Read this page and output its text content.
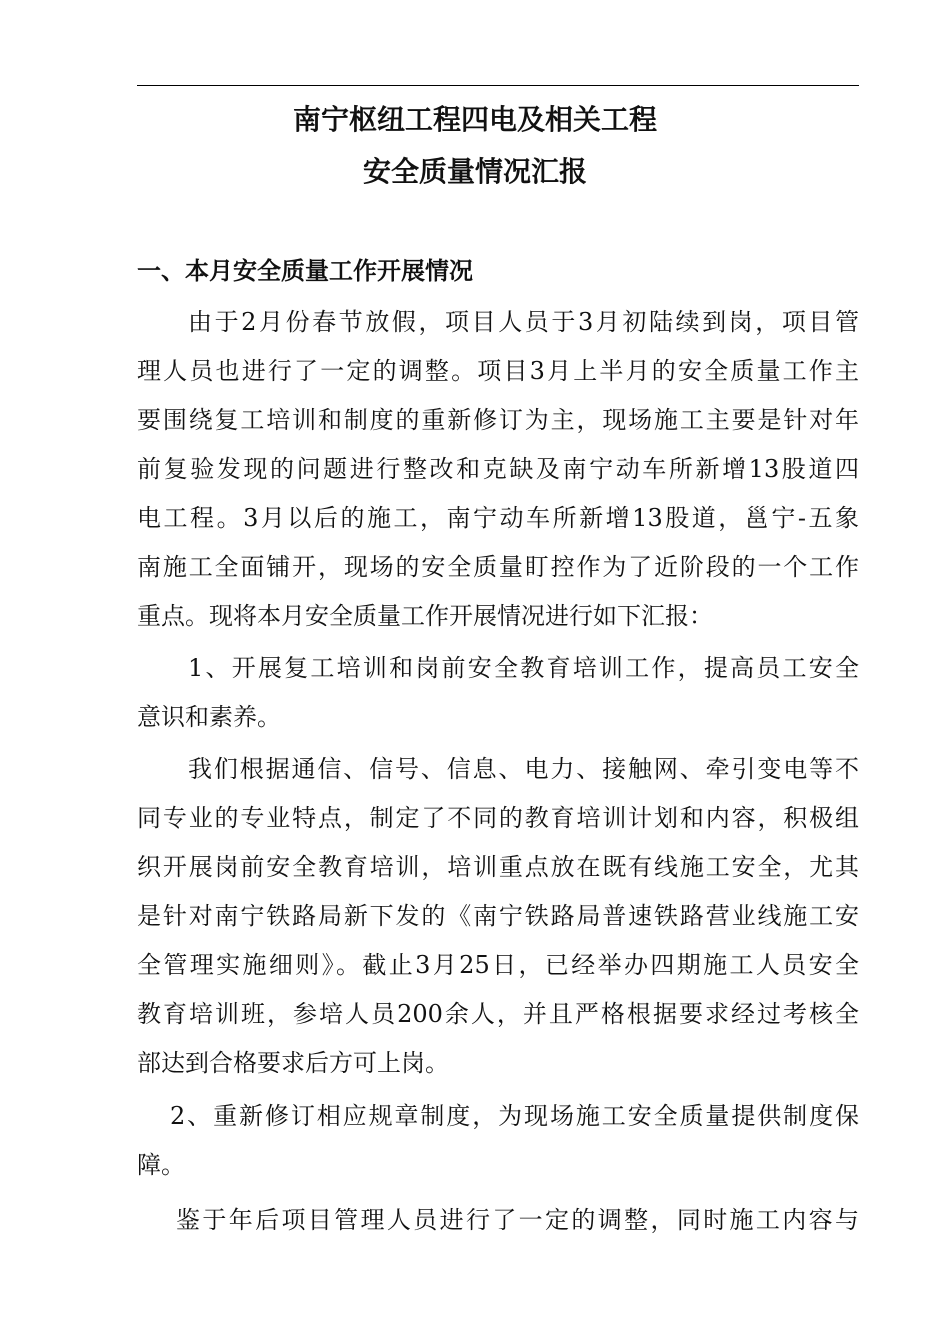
南宁枢纽工程四电及相关工程
安全质量情况汇报
一、本月安全质量工作开展情况
由于2月份春节放假，项目人员于3月初陆续到岗，项目管
理人员也进行了一定的调整。项目3月上半月的安全质量工作主
要围绕复工培训和制度的重新修订为主，现场施工主要是针对年
前复验发现的问题进行整改和克缺及南宁动车所新增13股道四
电工程。3月以后的施工，南宁动车所新增13股道，邕宁-五象
南施工全面铺开，现场的安全质量盯控作为了近阶段的一个工作
重点。现将本月安全质量工作开展情况进行如下汇报：
1、开展复工培训和岗前安全教育培训工作，提高员工安全
意识和素养。
我们根据通信、信号、信息、电力、接触网、牵引变电等不
同专业的专业特点，制定了不同的教育培训计划和内容，积极组
织开展岗前安全教育培训，培训重点放在既有线施工安全，尤其
是针对南宁铁路局新下发的《南宁铁路局普速铁路营业线施工安
全管理实施细则》。截止3月25日，已经举办四期施工人员安全
教育培训班，参培人员200余人，并且严格根据要求经过考核全
部达到合格要求后方可上岗。
2、重新修订相应规章制度，为现场施工安全质量提供制度保
障。
鉴于年后项目管理人员进行了一定的调整，同时施工内容与
